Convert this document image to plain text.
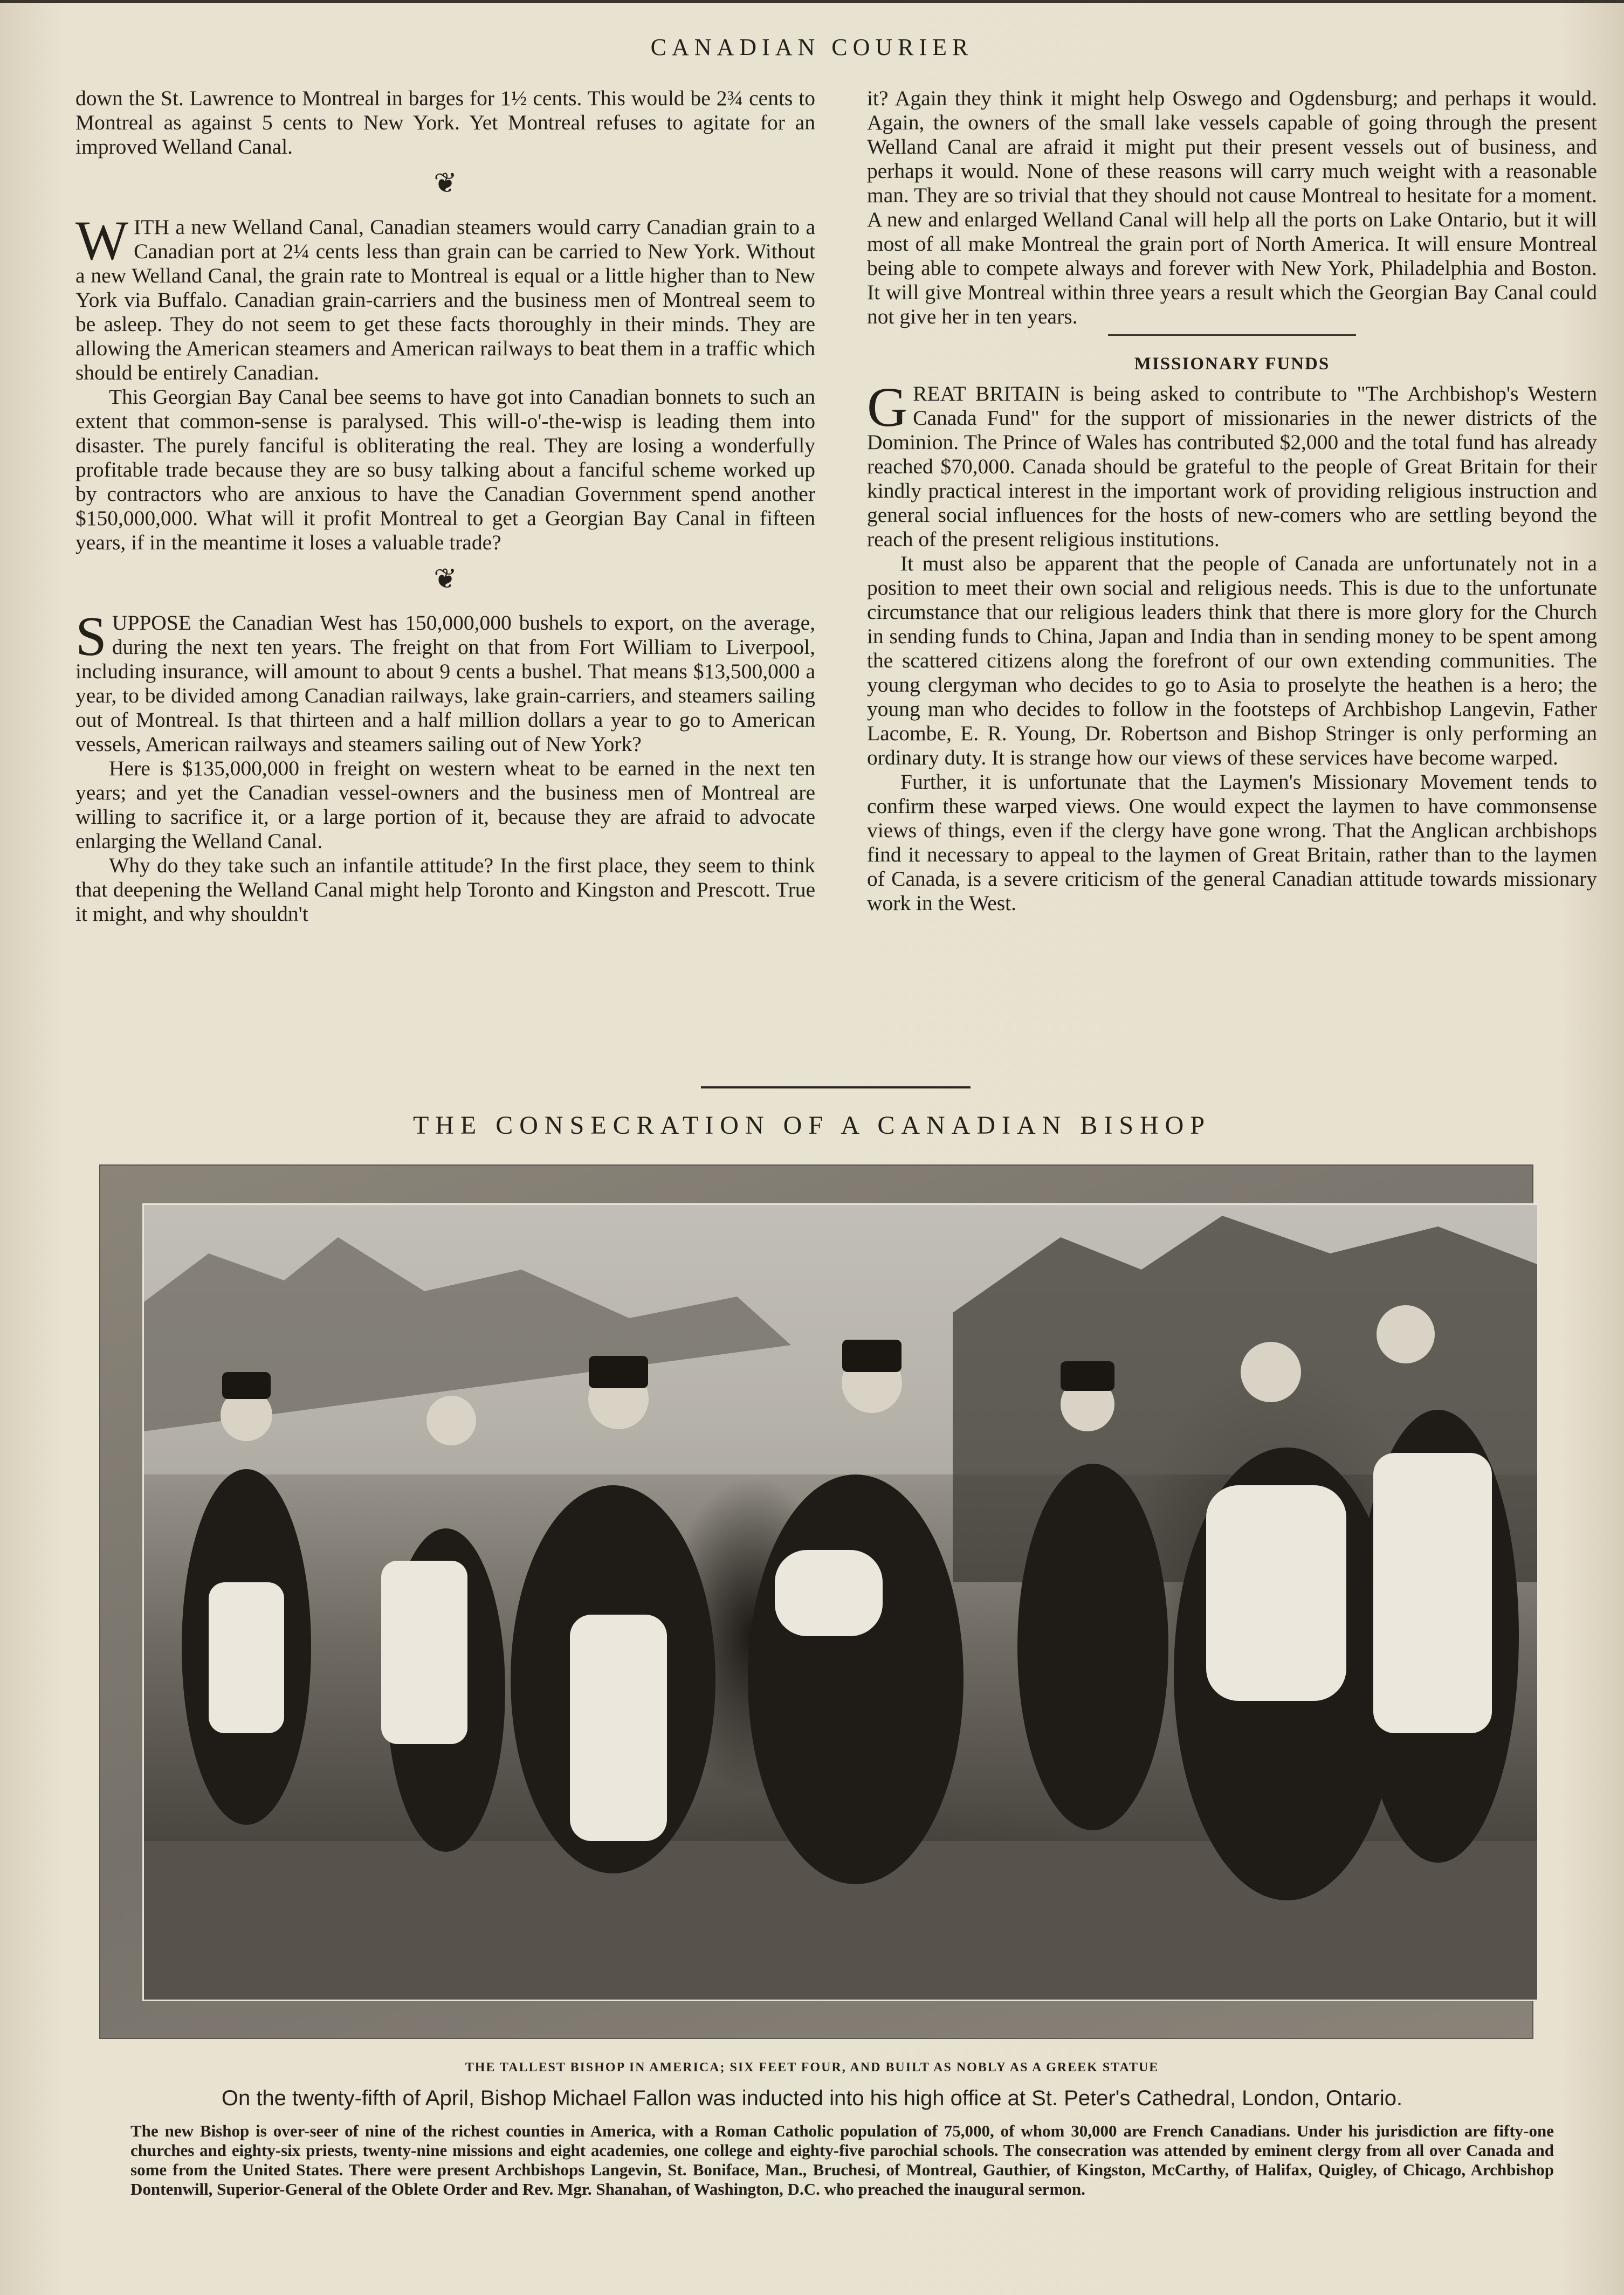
CANADIAN COURIER

down the St. Lawrence to Montreal in barges for 1½ cents. This would be 2¾ cents to Montreal as against 5 cents to New York. Yet Montreal refuses to agitate for an improved Welland Canal.

❦

WITH a new Welland Canal, Canadian steamers would carry Canadian grain to a Canadian port at 2¼ cents less than grain can be carried to New York. Without a new Welland Canal, the grain rate to Montreal is equal or a little higher than to New York via Buffalo. Canadian grain-carriers and the business men of Montreal seem to be asleep. They do not seem to get these facts thoroughly in their minds. They are allowing the American steamers and American railways to beat them in a traffic which should be entirely Canadian.

This Georgian Bay Canal bee seems to have got into Canadian bonnets to such an extent that common-sense is paralysed. This will-o'-the-wisp is leading them into disaster. The purely fanciful is obliterating the real. They are losing a wonderfully profitable trade because they are so busy talking about a fanciful scheme worked up by contractors who are anxious to have the Canadian Government spend another $150,000,000. What will it profit Montreal to get a Georgian Bay Canal in fifteen years, if in the meantime it loses a valuable trade?

❦

SUPPOSE the Canadian West has 150,000,000 bushels to export, on the average, during the next ten years. The freight on that from Fort William to Liverpool, including insurance, will amount to about 9 cents a bushel. That means $13,500,000 a year, to be divided among Canadian railways, lake grain-carriers, and steamers sailing out of Montreal. Is that thirteen and a half million dollars a year to go to American vessels, American railways and steamers sailing out of New York?

Here is $135,000,000 in freight on western wheat to be earned in the next ten years; and yet the Canadian vessel-owners and the business men of Montreal are willing to sacrifice it, or a large portion of it, because they are afraid to advocate enlarging the Welland Canal.

Why do they take such an infantile attitude? In the first place, they seem to think that deepening the Welland Canal might help Toronto and Kingston and Prescott. True it might, and why shouldn't

it? Again they think it might help Oswego and Ogdensburg; and perhaps it would. Again, the owners of the small lake vessels capable of going through the present Welland Canal are afraid it might put their present vessels out of business, and perhaps it would. None of these reasons will carry much weight with a reasonable man. They are so trivial that they should not cause Montreal to hesitate for a moment. A new and enlarged Welland Canal will help all the ports on Lake Ontario, but it will most of all make Montreal the grain port of North America. It will ensure Montreal being able to compete always and forever with New York, Philadelphia and Boston. It will give Montreal within three years a result which the Georgian Bay Canal could not give her in ten years.

MISSIONARY FUNDS

GREAT BRITAIN is being asked to contribute to "The Archbishop's Western Canada Fund" for the support of missionaries in the newer districts of the Dominion. The Prince of Wales has contributed $2,000 and the total fund has already reached $70,000. Canada should be grateful to the people of Great Britain for their kindly practical interest in the important work of providing religious instruction and general social influences for the hosts of new-comers who are settling beyond the reach of the present religious institutions.

It must also be apparent that the people of Canada are unfortunately not in a position to meet their own social and religious needs. This is due to the unfortunate circumstance that our religious leaders think that there is more glory for the Church in sending funds to China, Japan and India than in sending money to be spent among the scattered citizens along the forefront of our own extending communities. The young clergyman who decides to go to Asia to proselyte the heathen is a hero; the young man who decides to follow in the footsteps of Archbishop Langevin, Father Lacombe, E. R. Young, Dr. Robertson and Bishop Stringer is only performing an ordinary duty. It is strange how our views of these services have become warped.

Further, it is unfortunate that the Laymen's Missionary Movement tends to confirm these warped views. One would expect the laymen to have commonsense views of things, even if the clergy have gone wrong. That the Anglican archbishops find it necessary to appeal to the laymen of Great Britain, rather than to the laymen of Canada, is a severe criticism of the general Canadian attitude towards missionary work in the West.

THE CONSECRATION OF A CANADIAN BISHOP
THE TALLEST BISHOP IN AMERICA; SIX FEET FOUR, AND BUILT AS NOBLY AS A GREEK STATUE
On the twenty-fifth of April, Bishop Michael Fallon was inducted into his high office at St. Peter's Cathedral, London, Ontario.
The new Bishop is over-seer of nine of the richest counties in America, with a Roman Catholic population of 75,000, of whom 30,000 are French Canadians. Under his jurisdiction are fifty-one churches and eighty-six priests, twenty-nine missions and eight academies, one college and eighty-five parochial schools. The consecration was attended by eminent clergy from all over Canada and some from the United States. There were present Archbishops Langevin, St. Boniface, Man., Bruchesi, of Montreal, Gauthier, of Kingston, McCarthy, of Halifax, Quigley, of Chicago, Archbishop Dontenwill, Superior-General of the Oblete Order and Rev. Mgr. Shanahan, of Washington, D.C. who preached the inaugural sermon.
